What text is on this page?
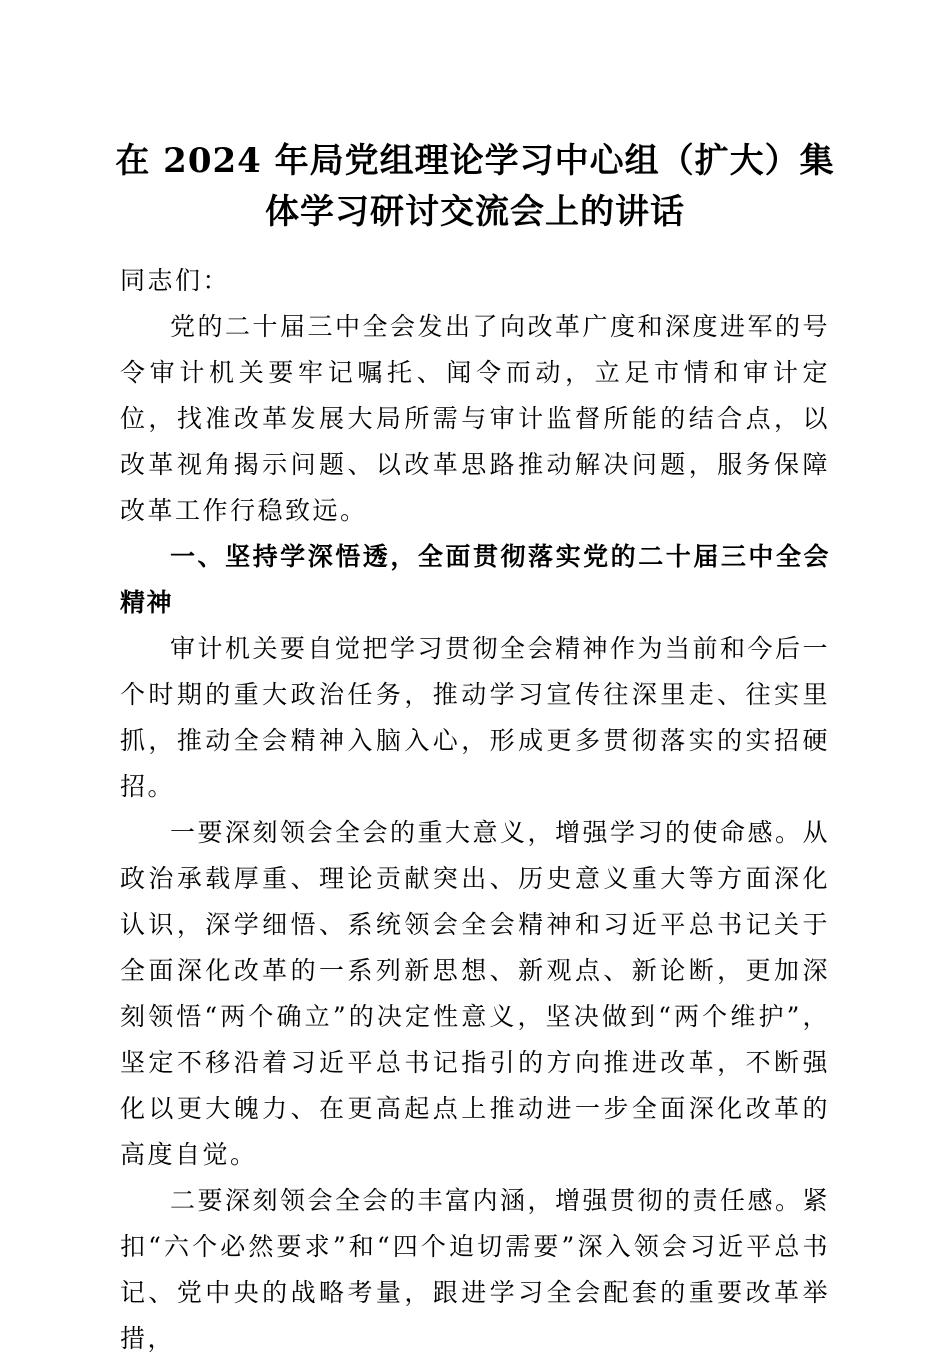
在 2024 年局党组理论学习中心组（扩大）集
体学习研讨交流会上的讲话

同志们：

党的二十届三中全会发出了向改革广度和深度进军的号令审计机关要牢记嘱托、闻令而动，立足市情和审计定位，找准改革发展大局所需与审计监督所能的结合点，以改革视角揭示问题、以改革思路推动解决问题，服务保障改革工作行稳致远。

一、坚持学深悟透，全面贯彻落实党的二十届三中全会精神

审计机关要自觉把学习贯彻全会精神作为当前和今后一个时期的重大政治任务，推动学习宣传往深里走、往实里抓，推动全会精神入脑入心，形成更多贯彻落实的实招硬招。

一要深刻领会全会的重大意义，增强学习的使命感。从政治承载厚重、理论贡献突出、历史意义重大等方面深化认识，深学细悟、系统领会全会精神和习近平总书记关于全面深化改革的一系列新思想、新观点、新论断，更加深刻领悟“两个确立”的决定性意义，坚决做到“两个维护”，坚定不移沿着习近平总书记指引的方向推进改革，不断强化以更大魄力、在更高起点上推动进一步全面深化改革的高度自觉。

二要深刻领会全会的丰富内涵，增强贯彻的责任感。紧扣“六个必然要求”和“四个迫切需要”深入领会习近平总书记、党中央的战略考量，跟进学习全会配套的重要改革举措，
